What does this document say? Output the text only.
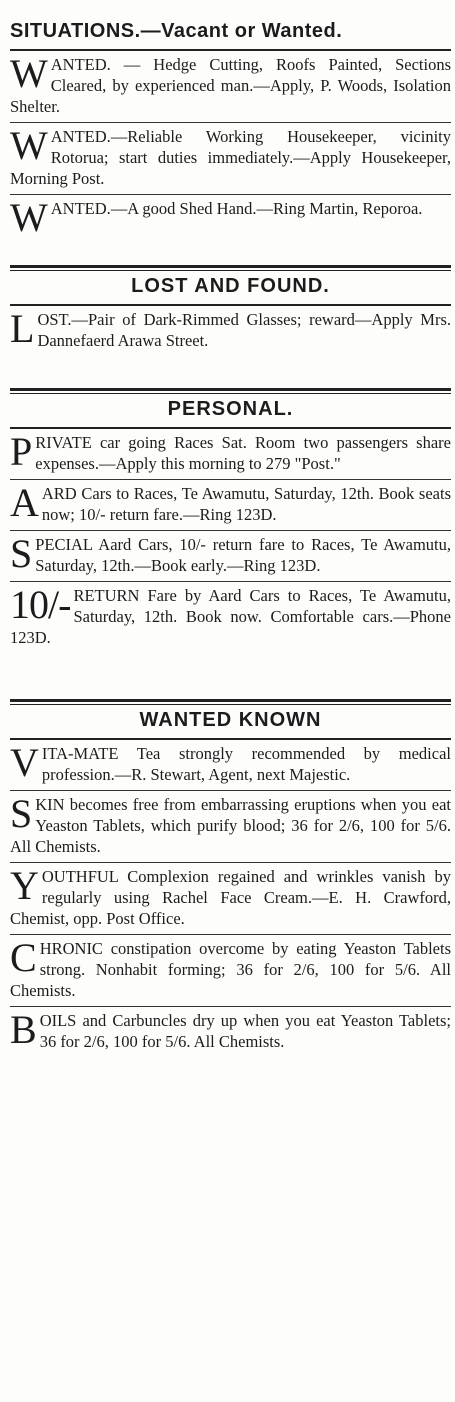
SITUATIONS.—Vacant or Wanted.
W ANTED. — Hedge Cutting, Roofs Painted, Sections Cleared, by experienced man.—Apply, P. Woods, Isolation Shelter.
W ANTED.—Reliable Working Housekeeper, vicinity Rotorua; start duties immediately.—Apply Housekeeper, Morning Post.
W ANTED.—A good Shed Hand.—Ring Martin, Reporoa.
LOST AND FOUND.
L OST.—Pair of Dark-Rimmed Glasses; reward—Apply Mrs. Dannefaerd Arawa Street.
PERSONAL.
P RIVATE car going Races Sat. Room two passengers share expenses.—Apply this morning to 279 "Post."
A ARD Cars to Races, Te Awamutu, Saturday, 12th. Book seats now; 10/- return fare.—Ring 123D.
S PECIAL Aard Cars, 10/- return fare to Races, Te Awamutu, Saturday, 12th.—Book early.—Ring 123D.
10/- RETURN Fare by Aard Cars to Races, Te Awamutu, Saturday, 12th. Book now. Comfortable cars.—Phone 123D.
WANTED KNOWN
V ITA-MATE Tea strongly recommended by medical profession.—R. Stewart, Agent, next Majestic.
S KIN becomes free from embarrassing eruptions when you eat Yeaston Tablets, which purify blood; 36 for 2/6, 100 for 5/6. All Chemists.
Y OUTHFUL Complexion regained and wrinkles vanish by regularly using Rachel Face Cream.—E. H. Crawford, Chemist, opp. Post Office.
C HRONIC constipation overcome by eating Yeaston Tablets strong. Nonhabit forming; 36 for 2/6, 100 for 5/6. All Chemists.
B OILS and Carbuncles dry up when you eat Yeaston Tablets; 36 for 2/6, 100 for 5/6. All Chemists.
